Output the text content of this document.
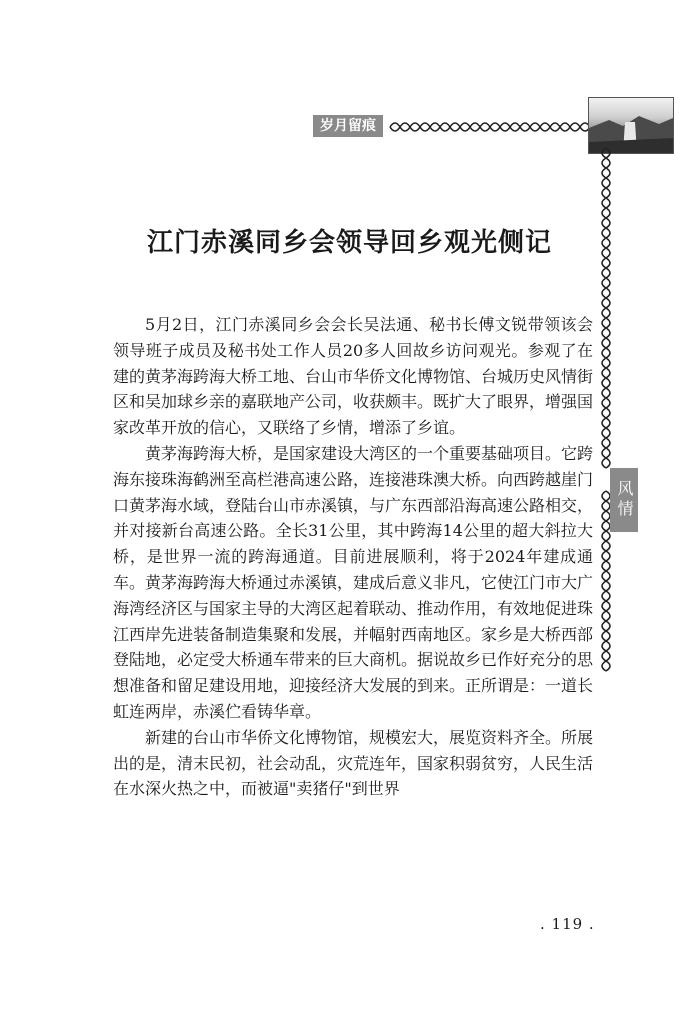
岁月留痕
风情
江门赤溪同乡会领导回乡观光侧记

5月2日，江门赤溪同乡会会长吴法通、秘书长傅文锐带领该会领导班子成员及秘书处工作人员20多人回故乡访问观光。参观了在建的黄茅海跨海大桥工地、台山市华侨文化博物馆、台城历史风情街区和吴加球乡亲的嘉联地产公司，收获颇丰。既扩大了眼界，增强国家改革开放的信心，又联络了乡情，增添了乡谊。

黄茅海跨海大桥，是国家建设大湾区的一个重要基础项目。它跨海东接珠海鹤洲至高栏港高速公路，连接港珠澳大桥。向西跨越崖门口黄茅海水域，登陆台山市赤溪镇，与广东西部沿海高速公路相交，并对接新台高速公路。全长31公里，其中跨海14公里的超大斜拉大桥，是世界一流的跨海通道。目前进展顺利，将于2024年建成通车。黄茅海跨海大桥通过赤溪镇，建成后意义非凡，它使江门市大广海湾经济区与国家主导的大湾区起着联动、推动作用，有效地促进珠江西岸先进装备制造集聚和发展，并幅射西南地区。家乡是大桥西部登陆地，必定受大桥通车带来的巨大商机。据说故乡已作好充分的思想准备和留足建设用地，迎接经济大发展的到来。正所谓是：一道长虹连两岸，赤溪伫看铸华章。

新建的台山市华侨文化博物馆，规模宏大，展览资料齐全。所展出的是，清末民初，社会动乱，灾荒连年，国家积弱贫穷，人民生活在水深火热之中，而被逼"卖猪仔"到世界

. 119 .
